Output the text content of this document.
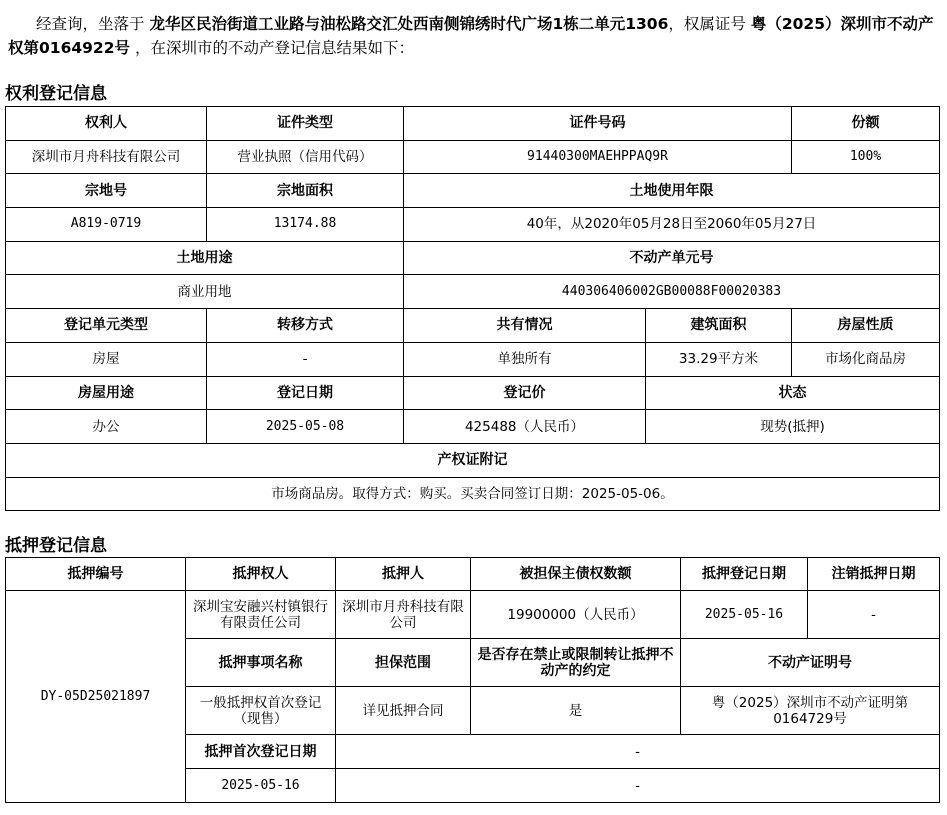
经查询，坐落于 龙华区民治街道工业路与油松路交汇处西南侧锦绣时代广场1栋二单元1306，权属证号 粤（2025）深圳市不动产权第0164922号 ，在深圳市的不动产登记信息结果如下：
权利登记信息
权利人	证件类型	证件号码		份额
深圳市月舟科技有限公司	营业执照（信用代码）	91440300MAEHPPAQ9R		100%
宗地号	宗地面积	土地使用年限		
A819-0719	13174.88	40年，从2020年05月28日至2060年05月27日		
土地用途		不动产单元号		
商业用地		440306406002GB00088F00020383		
登记单元类型	转移方式	共有情况	建筑面积	房屋性质
房屋	-	单独所有	33.29平方米	市场化商品房
房屋用途	登记日期	登记价	状态	
办公	2025-05-08	425488（人民币）	现势(抵押)	
产权证附记				
市场商品房。取得方式：购买。买卖合同签订日期：2025-05-06。				
抵押登记信息
抵押编号	抵押权人	抵押人	被担保主债权数额	抵押登记日期	注销抵押日期
DY-05D25021897	深圳宝安融兴村镇银行有限责任公司	深圳市月舟科技有限公司	19900000（人民币）	2025-05-16	-
	抵押事项名称	担保范围	是否存在禁止或限制转让抵押不动产的约定	不动产证明号	
	一般抵押权首次登记（现售）	详见抵押合同	是	粤（2025）深圳市不动产证明第0164729号	
	抵押首次登记日期	-			
	2025-05-16	-			
